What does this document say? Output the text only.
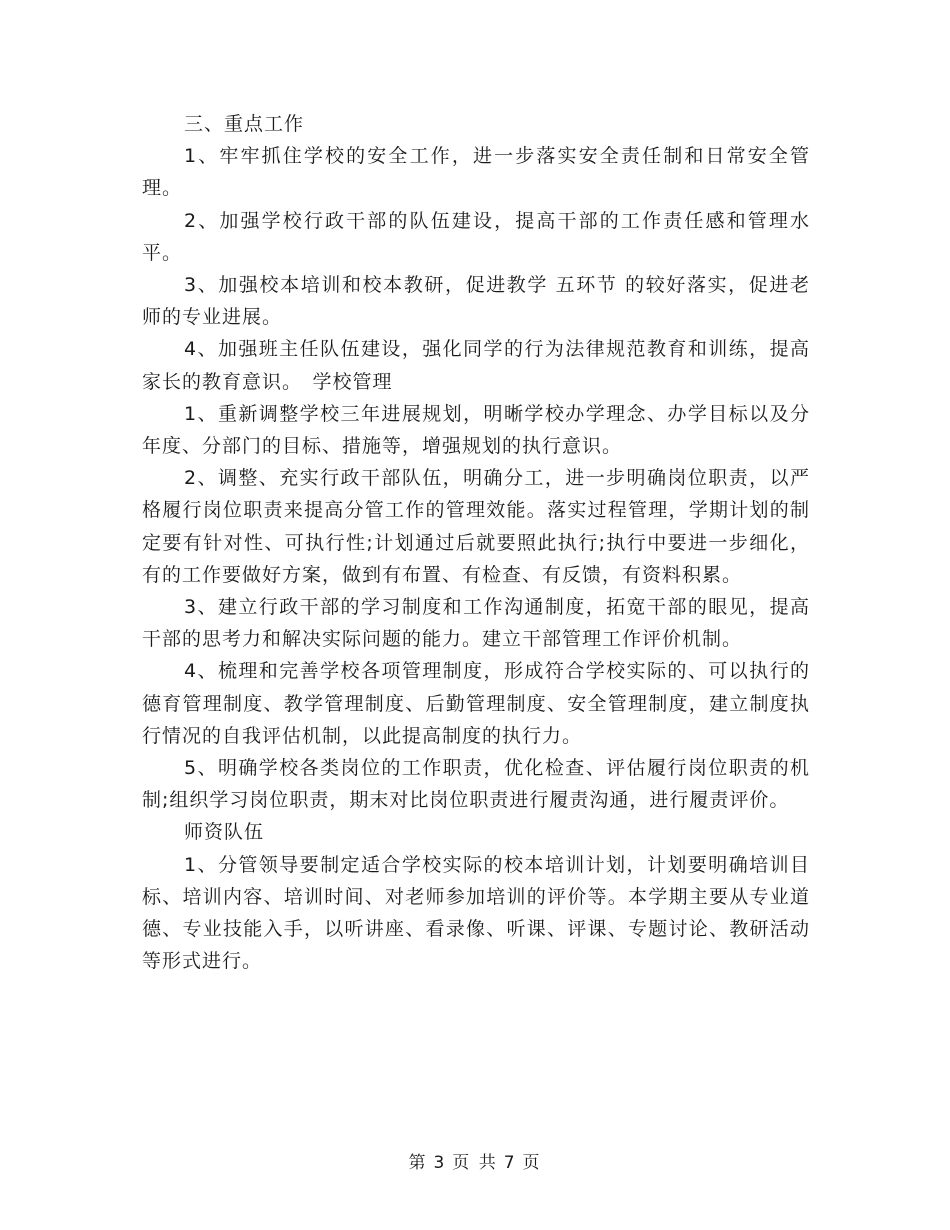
三、重点工作

1、牢牢抓住学校的安全工作，进一步落实安全责任制和日常安全管理。

2、加强学校行政干部的队伍建设，提高干部的工作责任感和管理水平。

3、加强校本培训和校本教研，促进教学 五环节 的较好落实，促进老师的专业进展。

4、加强班主任队伍建设，强化同学的行为法律规范教育和训练，提高家长的教育意识。　学校管理

1、重新调整学校三年进展规划，明晰学校办学理念、办学目标以及分年度、分部门的目标、措施等，增强规划的执行意识。

2、调整、充实行政干部队伍，明确分工，进一步明确岗位职责，以严格履行岗位职责来提高分管工作的管理效能。落实过程管理，学期计划的制定要有针对性、可执行性;计划通过后就要照此执行;执行中要进一步细化，有的工作要做好方案，做到有布置、有检查、有反馈，有资料积累。

3、建立行政干部的学习制度和工作沟通制度，拓宽干部的眼见，提高干部的思考力和解决实际问题的能力。建立干部管理工作评价机制。

4、梳理和完善学校各项管理制度，形成符合学校实际的、可以执行的德育管理制度、教学管理制度、后勤管理制度、安全管理制度，建立制度执行情况的自我评估机制，以此提高制度的执行力。

5、明确学校各类岗位的工作职责，优化检查、评估履行岗位职责的机制;组织学习岗位职责，期末对比岗位职责进行履责沟通，进行履责评价。

师资队伍

1、分管领导要制定适合学校实际的校本培训计划，计划要明确培训目标、培训内容、培训时间、对老师参加培训的评价等。本学期主要从专业道德、专业技能入手，以听讲座、看录像、听课、评课、专题讨论、教研活动等形式进行。

第 3 页 共 7 页
